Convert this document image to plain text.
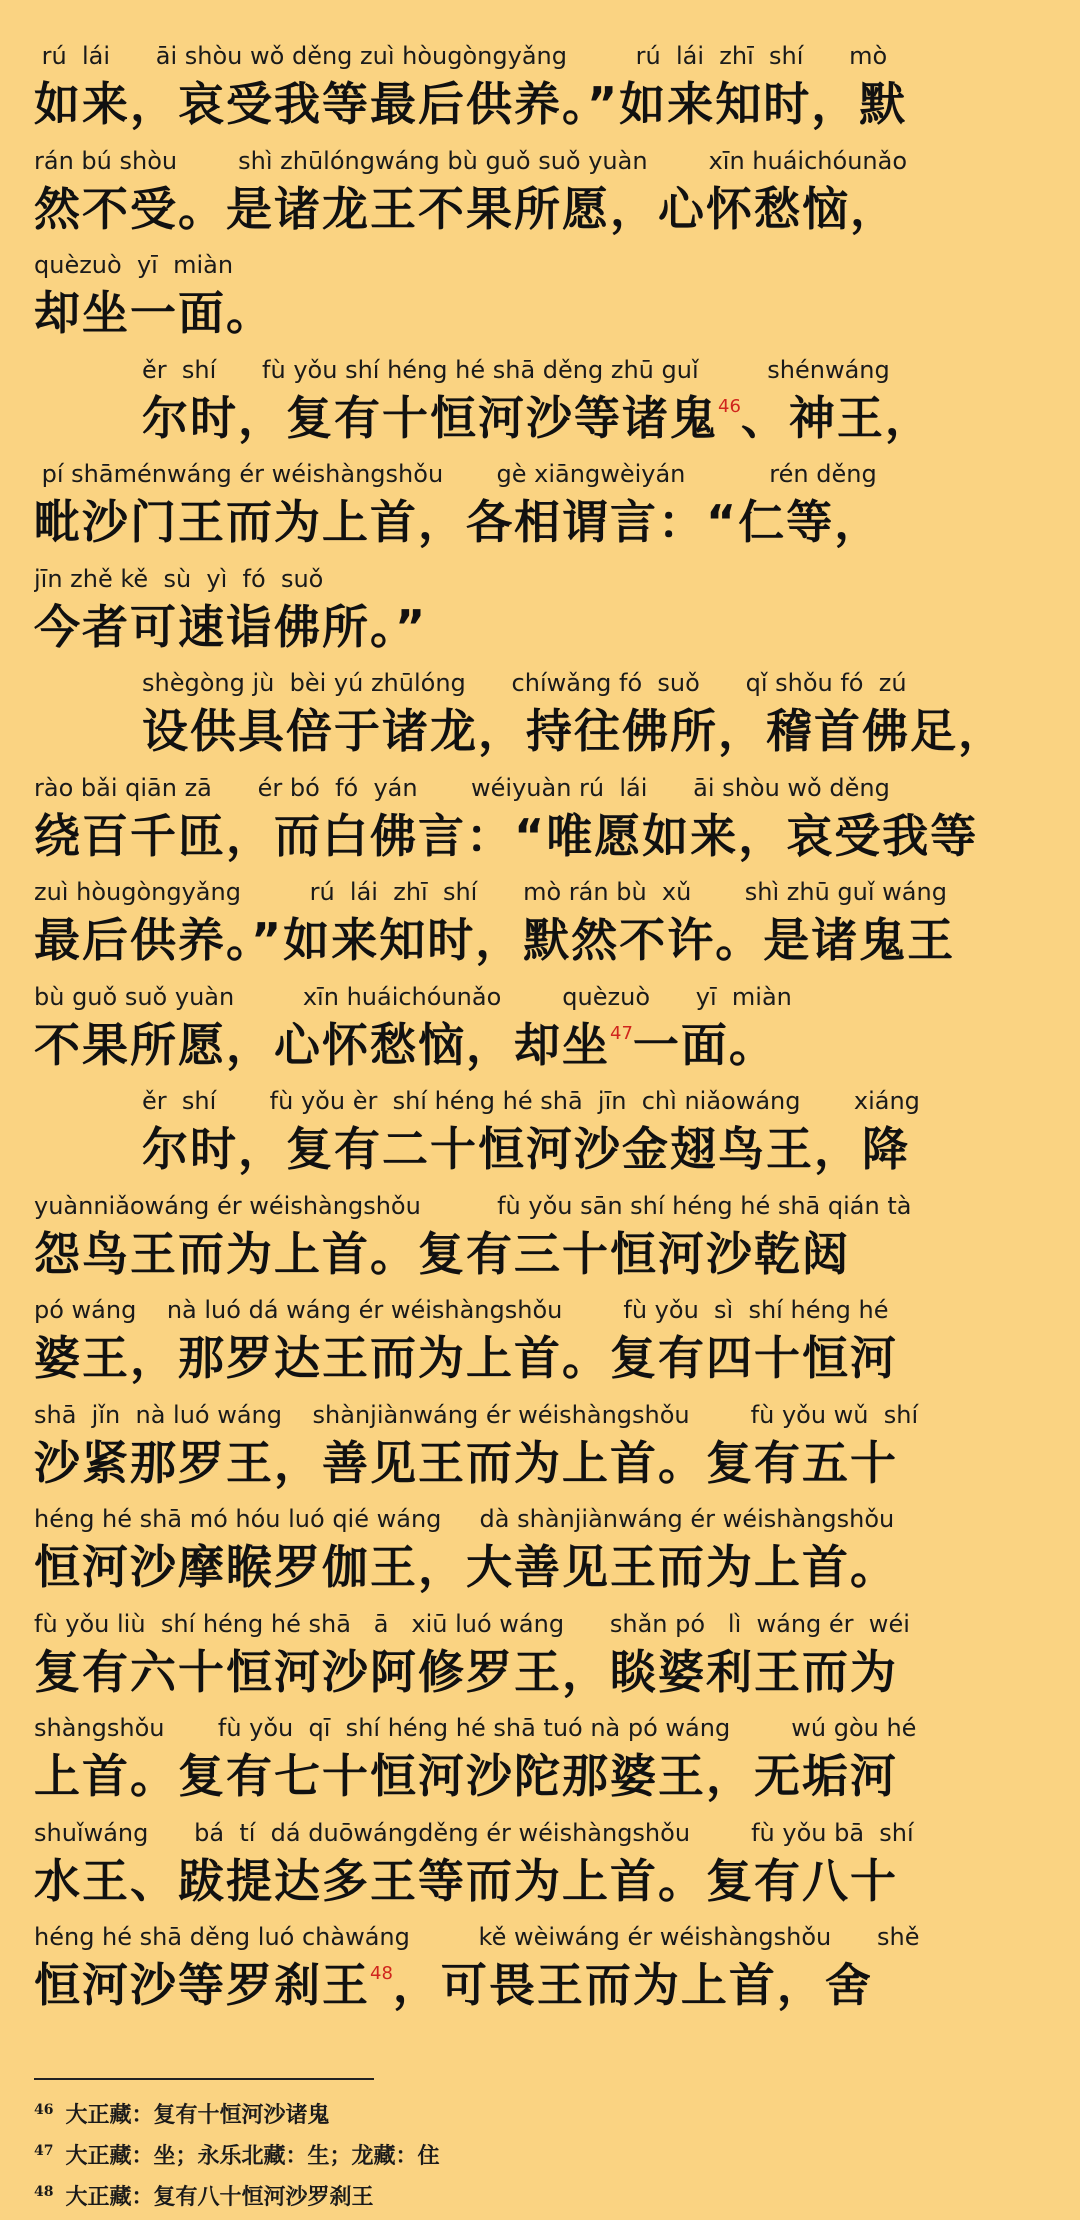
rú  lái      āi shòu wǒ děng zuì hòugòngyǎng         rú  lái  zhī  shí      mò
如来，哀受我等最后供养。”如来知时，默
rán bú shòu        shì zhūlóngwáng bù guǒ suǒ yuàn        xīn huáichóunǎo
然不受。是诸龙王不果所愿，心怀愁恼，
quèzuò  yī  miàn
却坐一面。
ěr  shí      fù yǒu shí héng hé shā děng zhū guǐ         shénwáng
尔时，复有十恒河沙等诸鬼$^{46}$、神王，
pí shāménwáng ér wéishàngshǒu       gè xiāngwèiyán           rén děng
毗沙门王而为上首，各相谓言：“仁等，
jīn zhě kě  sù  yì  fó  suǒ
今者可速诣佛所。”
shègòng jù  bèi yú zhūlóng      chíwǎng fó  suǒ      qǐ shǒu fó  zú
设供具倍于诸龙，持往佛所，稽首佛足，
rào bǎi qiān zā      ér bó  fó  yán       wéiyuàn rú  lái      āi shòu wǒ děng
绕百千匝，而白佛言：“唯愿如来，哀受我等
zuì hòugòngyǎng         rú  lái  zhī  shí      mò rán bù  xǔ       shì zhū guǐ wáng
最后供养。”如来知时，默然不许。是诸鬼王
bù guǒ suǒ yuàn         xīn huáichóunǎo        quèzuò      yī  miàn
不果所愿，心怀愁恼，却坐$^{47}$一面。
ěr  shí       fù yǒu èr  shí héng hé shā  jīn  chì niǎowáng       xiáng
尔时，复有二十恒河沙金翅鸟王，降
yuànniǎowáng ér wéishàngshǒu          fù yǒu sān shí héng hé shā qián tà
怨鸟王而为上首。复有三十恒河沙乾闼
pó wáng    nà luó dá wáng ér wéishàngshǒu        fù yǒu  sì  shí héng hé
婆王，那罗达王而为上首。复有四十恒河
shā  jǐn  nà luó wáng    shànjiànwáng ér wéishàngshǒu        fù yǒu wǔ  shí
沙紧那罗王，善见王而为上首。复有五十
héng hé shā mó hóu luó qié wáng     dà shànjiànwáng ér wéishàngshǒu
恒河沙摩睺罗伽王，大善见王而为上首。
fù yǒu liù  shí héng hé shā   ā   xiū luó wáng      shǎn pó   lì  wáng ér  wéi
复有六十恒河沙阿修罗王，睒婆利王而为
shàngshǒu       fù yǒu  qī  shí héng hé shā tuó nà pó wáng        wú gòu hé
上首。复有七十恒河沙陀那婆王，无垢河
shuǐwáng      bá  tí  dá duōwángděng ér wéishàngshǒu        fù yǒu bā  shí
水王、跋提达多王等而为上首。复有八十
héng hé shā děng luó chàwáng         kě wèiwáng ér wéishàngshǒu      shě
恒河沙等罗刹王$^{48}$，可畏王而为上首，舍
$^{46}$ 大正藏：复有十恒河沙诸鬼
$^{47}$ 大正藏：坐；永乐北藏：生；龙藏：住
$^{48}$ 大正藏：复有八十恒河沙罗刹王
